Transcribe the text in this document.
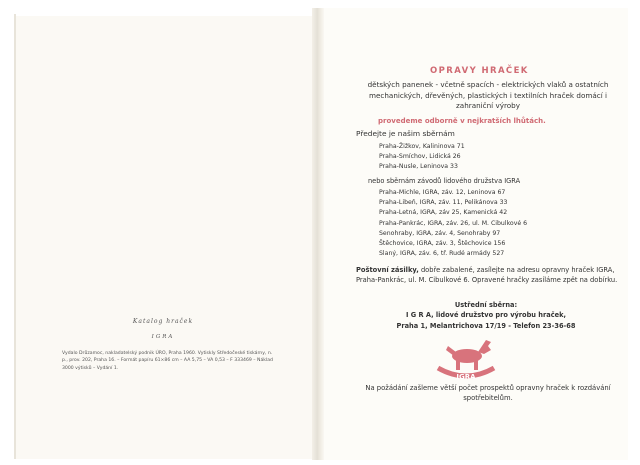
Katalog hraček
IGRA
Vydalo Drůzamoc, nakladatelský podnik ÚRO, Praha 1960. Vytiskly Středočeské tiskárny, n. p., prov. 202, Praha 16. – Formát papíru 61×86 cm – AA 5,75 – VA 0,53 – F 333469 – Náklad 3000 výtisků – Vydání 1.
OPRAVY HRAČEK
dětských panenek - včetně spacích - elektrických vlaků a ostatních mechanických, dřevěných, plastických i textilních hraček domácí i zahraniční výroby
provedeme odborně v nejkratších lhůtách.
Předejte je našim sběrnám
Praha-Žižkov, Kalininova 71
Praha-Smíchov, Lidická 26
Praha-Nusle, Leninova 33
nebo sběrnám závodů lidového družstva IGRA
Praha-Michle, IGRA, záv. 12, Leninova 67
Praha-Libeň, IGRA, záv. 11, Pelikánova 33
Praha-Letná, IGRA, záv 25, Kamenická 42
Praha-Pankrác, IGRA, záv. 26, ul. M. Cibulkové 6
Senohraby, IGRA, záv. 4, Senohraby 97
Štěchovice, IGRA, záv. 3, Štěchovice 156
Slaný, IGRA, záv. 6, tř. Rudé armády 527
Poštovní zásilky, dobře zabalené, zasílejte na adresu opravny hraček IGRA, Praha-Pankrác, ul. M. Cibulkové 6. Opravené hračky zasíláme zpět na dobírku.
Ustřední sběrna:
I G R A, lidové družstvo pro výrobu hraček,
Praha 1, Melantrichova 17/19 - Telefon 23-36-68
IGRA
Na požádání zašleme větší počet prospektů opravny hraček k rozdávání spotřebitelům.
